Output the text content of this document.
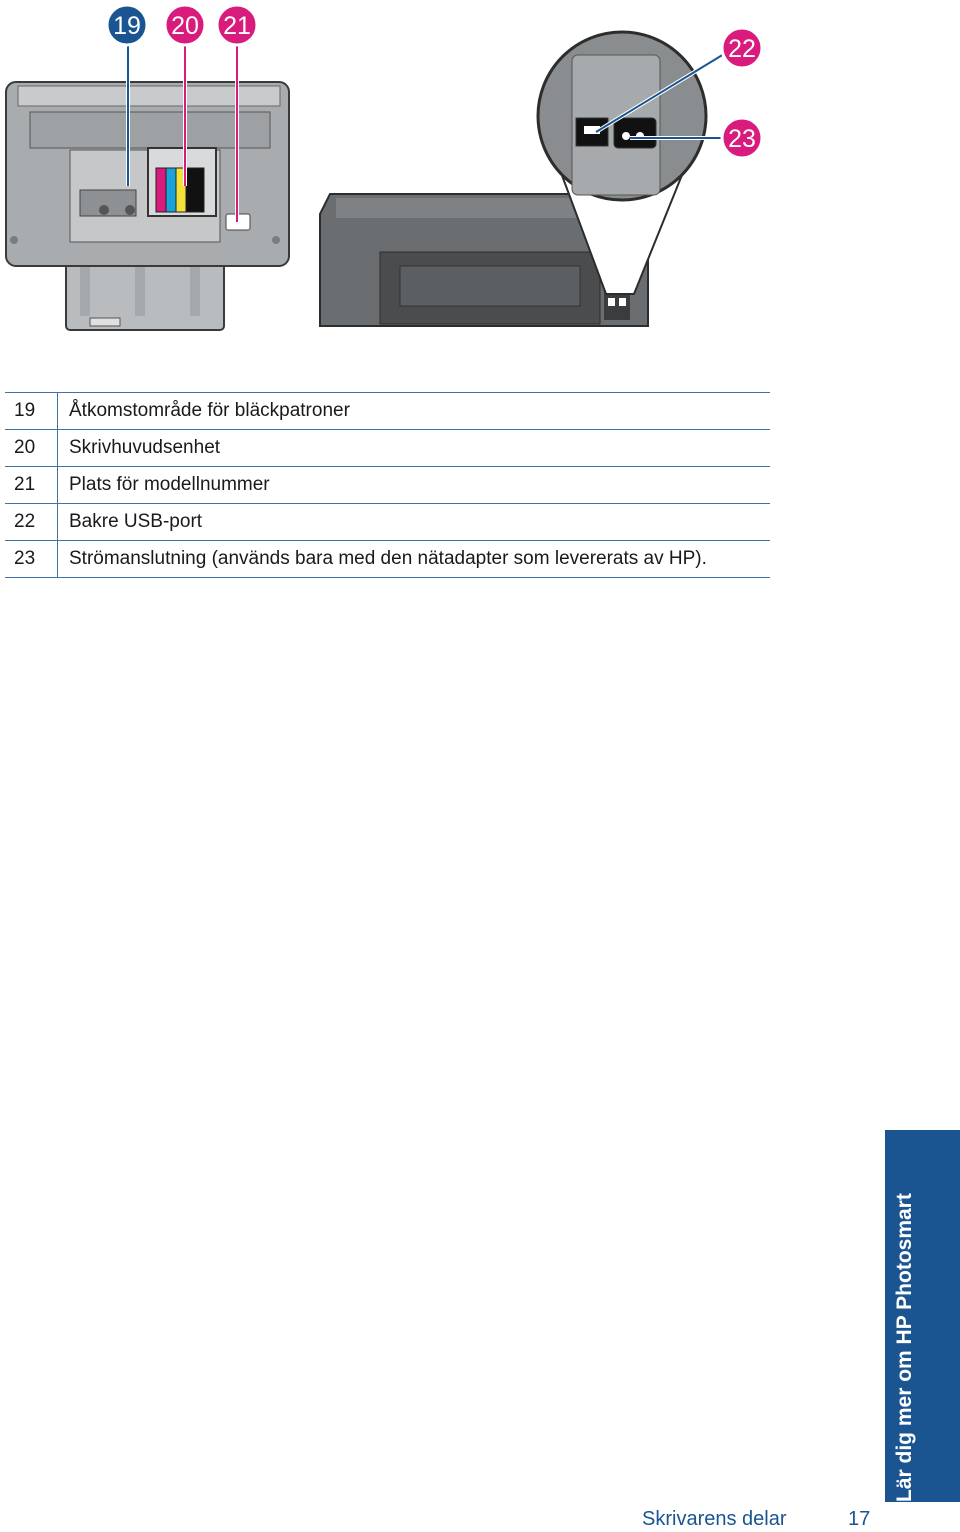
19 20 21
22
23
19	Åtkomstområde för bläckpatroner
20	Skrivhuvudsenhet
21	Plats för modellnummer
22	Bakre USB-port
23	Strömanslutning (används bara med den nätadapter som levererats av HP).
Lär dig mer om HP Photosmart
Skrivarens delar	17
